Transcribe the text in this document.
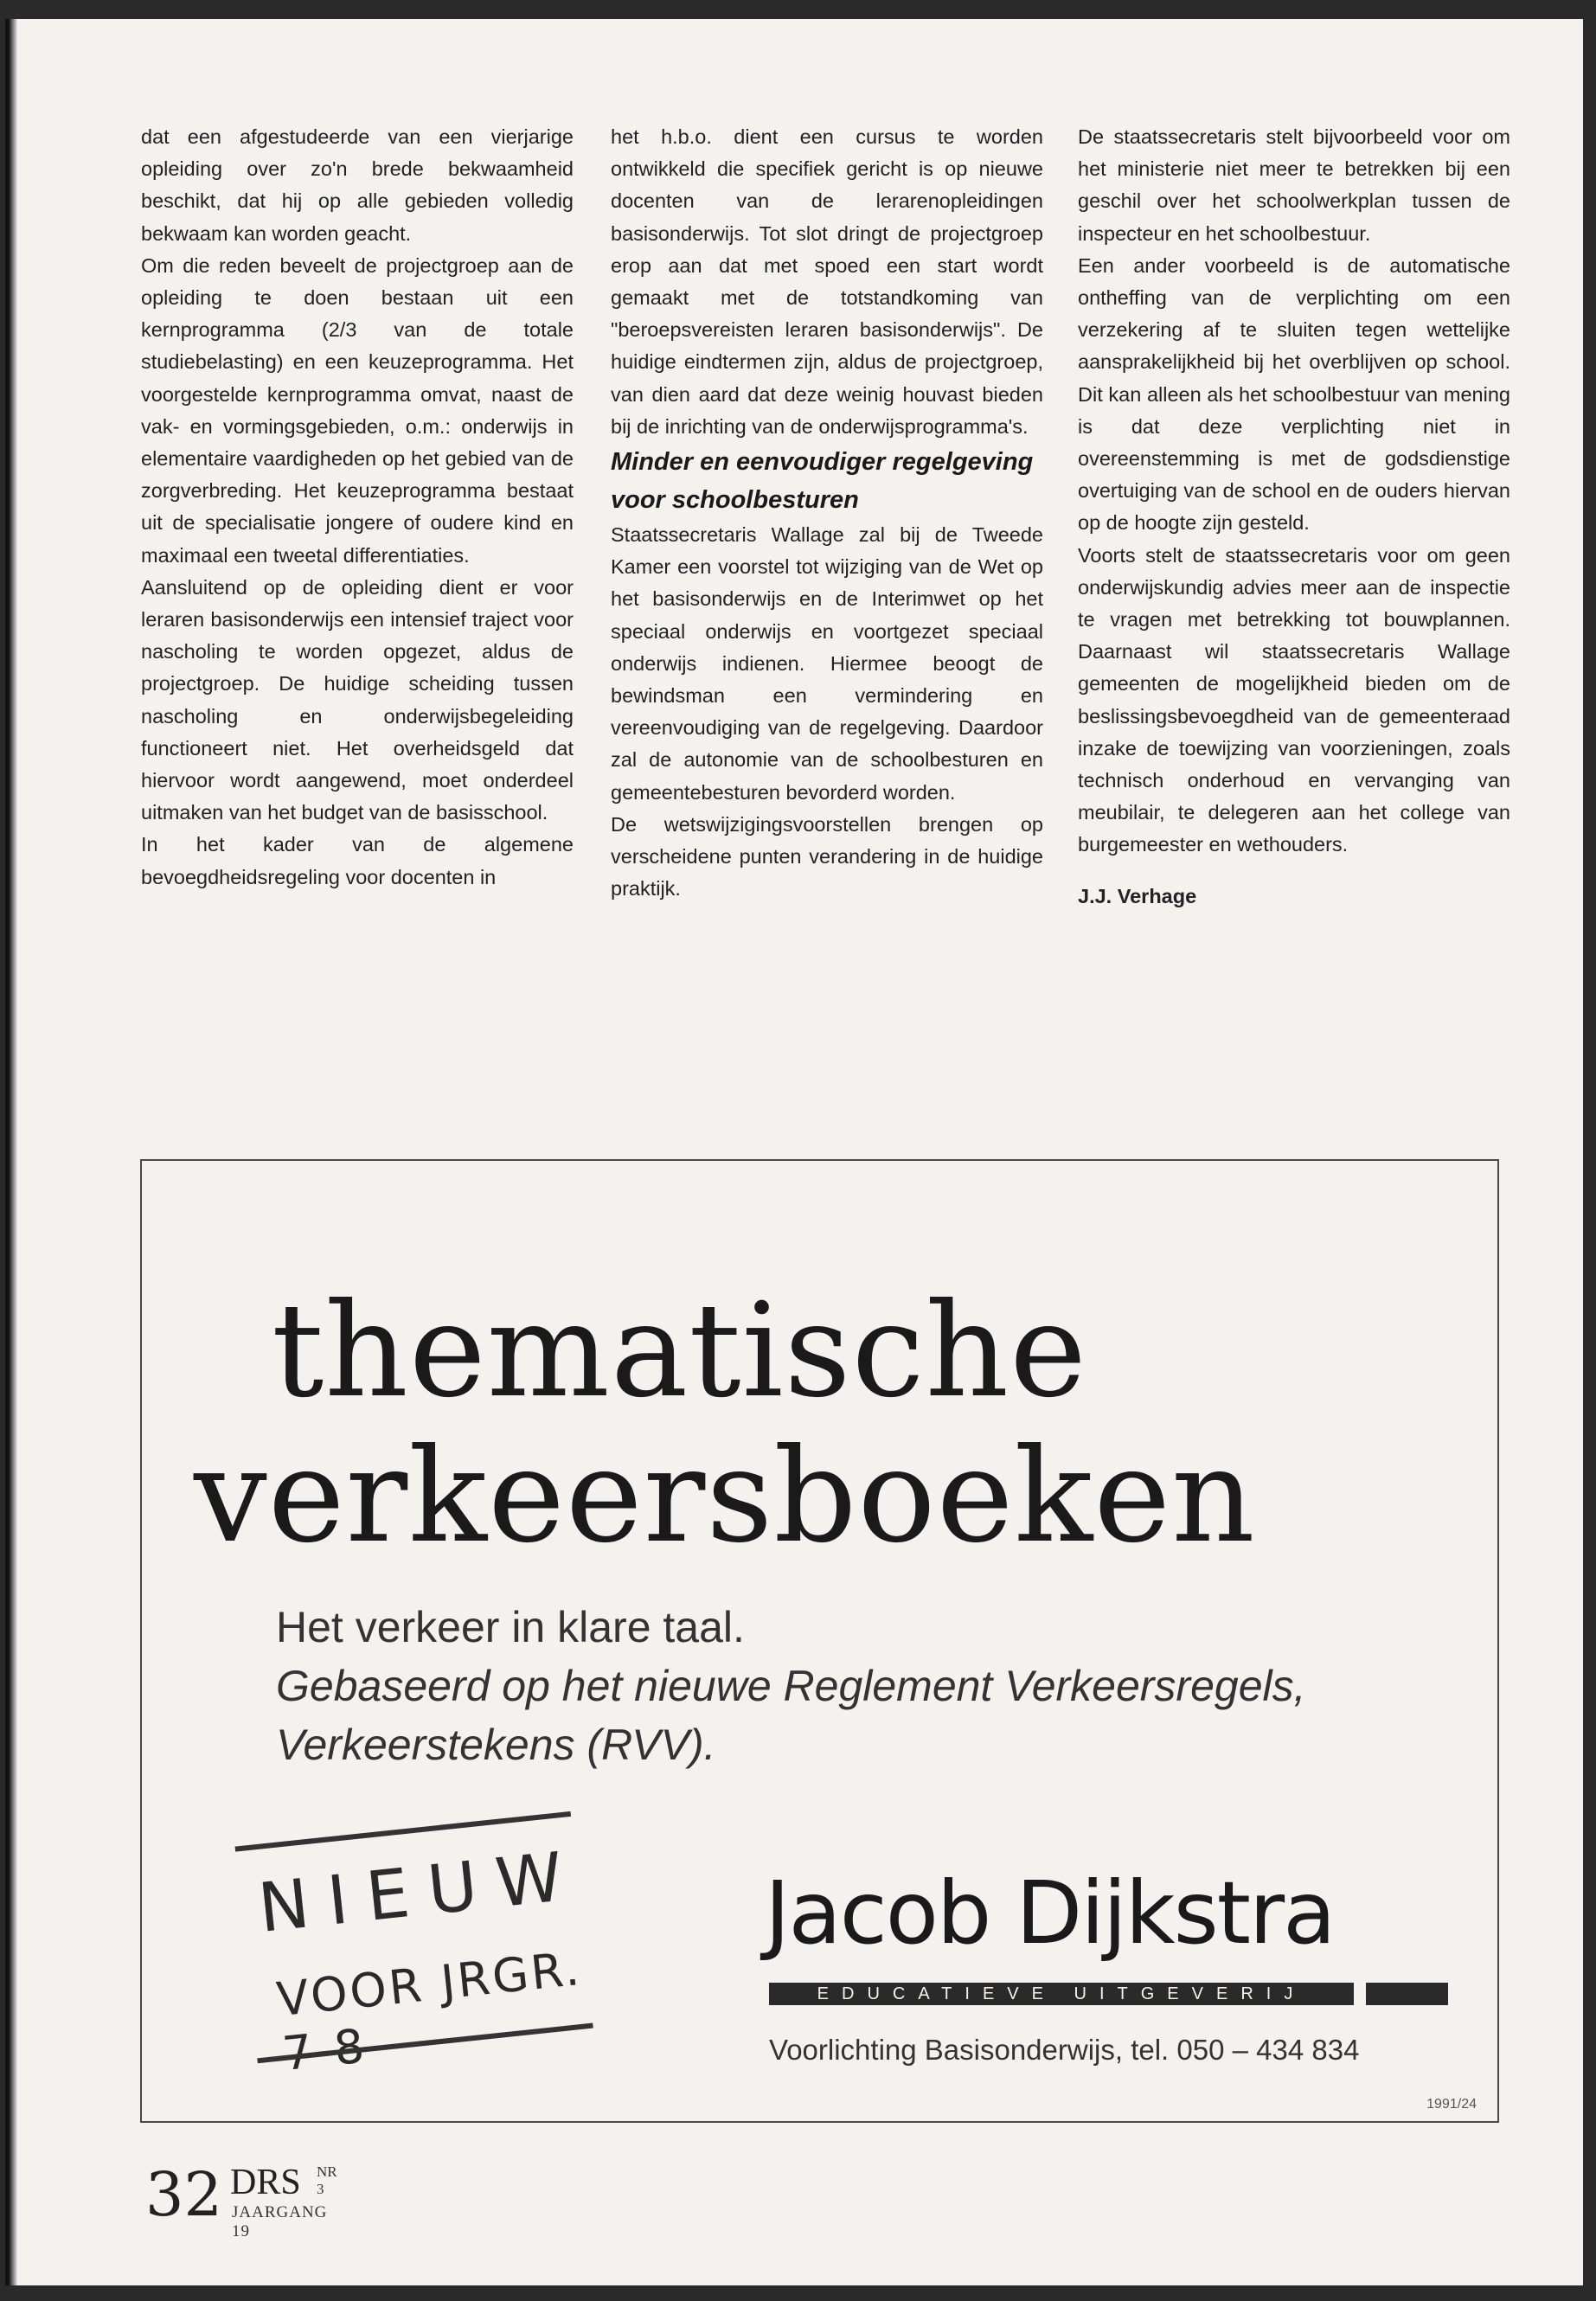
dat een afgestudeerde van een vierjarige opleiding over zo'n brede bekwaamheid beschikt, dat hij op alle gebieden volledig bekwaam kan worden geacht.

Om die reden beveelt de projectgroep aan de opleiding te doen bestaan uit een kernprogramma (2/3 van de totale studiebelasting) en een keuzeprogramma. Het voorgestelde kernprogramma omvat, naast de vak- en vormingsgebieden, o.m.: onderwijs in elementaire vaardigheden op het gebied van de zorgverbreding. Het keuzeprogramma bestaat uit de specialisatie jongere of oudere kind en maximaal een tweetal differentiaties.

Aansluitend op de opleiding dient er voor leraren basisonderwijs een intensief traject voor nascholing te worden opgezet, aldus de projectgroep. De huidige scheiding tussen nascholing en onderwijsbegeleiding functioneert niet. Het overheidsgeld dat hiervoor wordt aangewend, moet onderdeel uitmaken van het budget van de basisschool.

In het kader van de algemene bevoegdheidsregeling voor docenten in

het h.b.o. dient een cursus te worden ontwikkeld die specifiek gericht is op nieuwe docenten van de lerarenopleidingen basisonderwijs. Tot slot dringt de projectgroep erop aan dat met spoed een start wordt gemaakt met de totstandkoming van "beroepsvereisten leraren basisonderwijs". De huidige eindtermen zijn, aldus de projectgroep, van dien aard dat deze weinig houvast bieden bij de inrichting van de onderwijsprogramma's.

Minder en eenvoudiger regelgeving voor schoolbesturen

Staatssecretaris Wallage zal bij de Tweede Kamer een voorstel tot wijziging van de Wet op het basisonderwijs en de Interimwet op het speciaal onderwijs en voortgezet speciaal onderwijs indienen. Hiermee beoogt de bewindsman een vermindering en vereenvoudiging van de regelgeving. Daardoor zal de autonomie van de schoolbesturen en gemeentebesturen bevorderd worden.

De wetswijzigingsvoorstellen brengen op verscheidene punten verandering in de huidige praktijk.

De staatssecretaris stelt bijvoorbeeld voor om het ministerie niet meer te betrekken bij een geschil over het schoolwerkplan tussen de inspecteur en het schoolbestuur.

Een ander voorbeeld is de automatische ontheffing van de verplichting om een verzekering af te sluiten tegen wettelijke aansprakelijkheid bij het overblijven op school. Dit kan alleen als het schoolbestuur van mening is dat deze verplichting niet in overeenstemming is met de godsdienstige overtuiging van de school en de ouders hiervan op de hoogte zijn gesteld.

Voorts stelt de staatssecretaris voor om geen onderwijskundig advies meer aan de inspectie te vragen met betrekking tot bouwplannen. Daarnaast wil staatssecretaris Wallage gemeenten de mogelijkheid bieden om de beslissingsbevoegdheid van de gemeenteraad inzake de toewijzing van voorzieningen, zoals technisch onderhoud en vervanging van meubilair, te delegeren aan het college van burgemeester en wethouders.

J.J. Verhage

thematische
verkeersboeken
Het verkeer in klare taal.
Gebaseerd op het nieuwe Reglement Verkeersregels, Verkeerstekens (RVV).
NIEUW
VOOR JRGR. 7-8
Jacob Dijkstra
EDUCATIEVE UITGEVERIJ
Voorlichting Basisonderwijs, tel. 050 – 434 834
1991/24
32 DRS NR 3
JAARGANG 19
